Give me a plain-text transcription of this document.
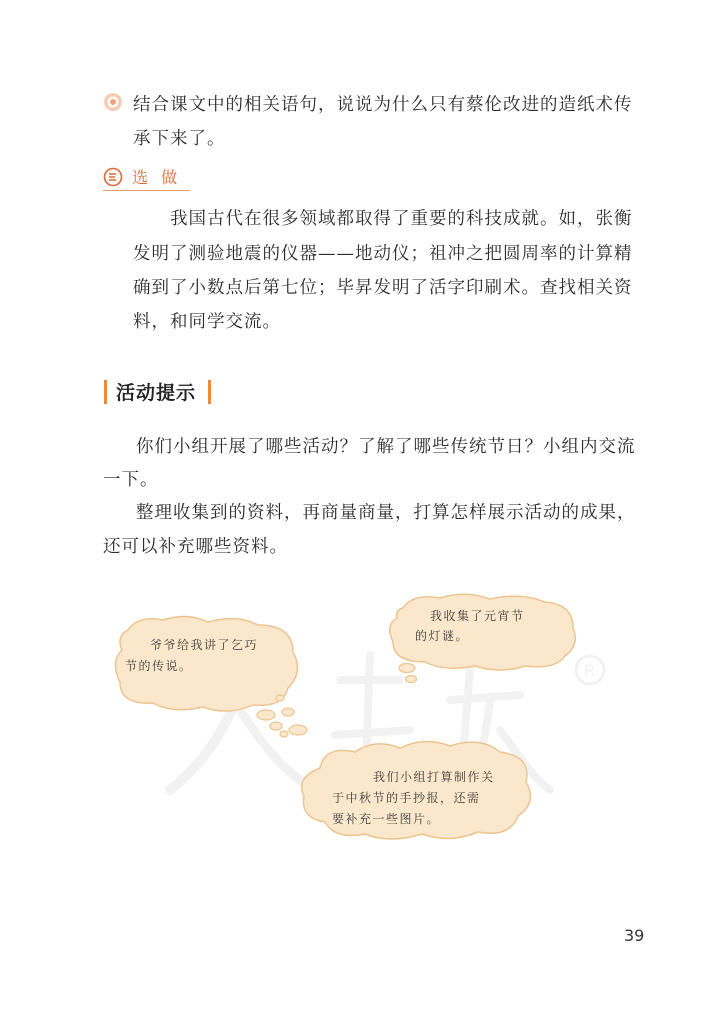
结合课文中的相关语句，说说为什么只有蔡伦改进的造纸术传
承下来了。
选 做
我国古代在很多领域都取得了重要的科技成就。如，张衡
发明了测验地震的仪器——地动仪；祖冲之把圆周率的计算精
确到了小数点后第七位；毕昇发明了活字印刷术。查找相关资
料，和同学交流。
活动提示
你们小组开展了哪些活动？了解了哪些传统节日？小组内交流
一下。
整理收集到的资料，再商量商量，打算怎样展示活动的成果，
还可以补充哪些资料。
R
爷爷给我讲了乞巧
节的传说。
我收集了元宵节
的灯谜。
我们小组打算制作关
于中秋节的手抄报，还需
要补充一些图片。
39
